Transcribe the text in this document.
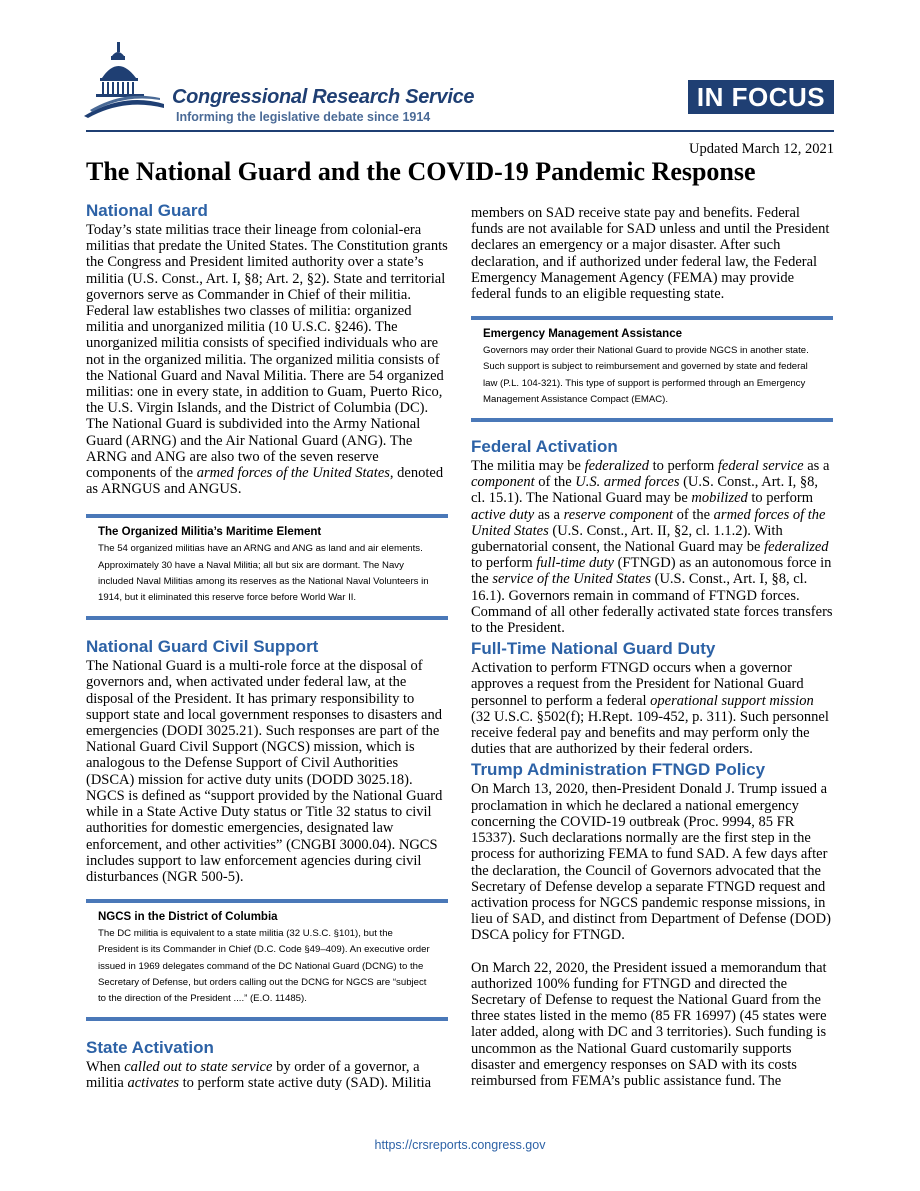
Congressional Research Service
Informing the legislative debate since 1914
IN FOCUS
Updated March 12, 2021
The National Guard and the COVID-19 Pandemic Response
National Guard

Today’s state militias trace their lineage from colonial-era militias that predate the United States. The Constitution grants the Congress and President limited authority over a state’s militia (U.S. Const., Art. I, §8; Art. 2, §2). State and territorial governors serve as Commander in Chief of their militia. Federal law establishes two classes of militia: organized militia and unorganized militia (10 U.S.C. §246). The unorganized militia consists of specified individuals who are not in the organized militia. The organized militia consists of the National Guard and Naval Militia. There are 54 organized militias: one in every state, in addition to Guam, Puerto Rico, the U.S. Virgin Islands, and the District of Columbia (DC). The National Guard is subdivided into the Army National Guard (ARNG) and the Air National Guard (ANG). The ARNG and ANG are also two of the seven reserve components of the armed forces of the United States, denoted as ARNGUS and ANGUS.

The Organized Militia’s Maritime Element

The 54 organized militias have an ARNG and ANG as land and air elements. Approximately 30 have a Naval Militia; all but six are dormant. The Navy included Naval Militias among its reserves as the National Naval Volunteers in 1914, but it eliminated this reserve force before World War II.

National Guard Civil Support

The National Guard is a multi-role force at the disposal of governors and, when activated under federal law, at the disposal of the President. It has primary responsibility to support state and local government responses to disasters and emergencies (DODI 3025.21). Such responses are part of the National Guard Civil Support (NGCS) mission, which is analogous to the Defense Support of Civil Authorities (DSCA) mission for active duty units (DODD 3025.18). NGCS is defined as “support provided by the National Guard while in a State Active Duty status or Title 32 status to civil authorities for domestic emergencies, designated law enforcement, and other activities” (CNGBI 3000.04). NGCS includes support to law enforcement agencies during civil disturbances (NGR 500-5).

NGCS in the District of Columbia

The DC militia is equivalent to a state militia (32 U.S.C. §101), but the President is its Commander in Chief (D.C. Code §49–409). An executive order issued in 1969 delegates command of the DC National Guard (DCNG) to the Secretary of Defense, but orders calling out the DCNG for NGCS are “subject to the direction of the President ....” (E.O. 11485).

State Activation

When called out to state service by order of a governor, a militia activates to perform state active duty (SAD). Militia

members on SAD receive state pay and benefits. Federal funds are not available for SAD unless and until the President declares an emergency or a major disaster. After such declaration, and if authorized under federal law, the Federal Emergency Management Agency (FEMA) may provide federal funds to an eligible requesting state.

Emergency Management Assistance

Governors may order their National Guard to provide NGCS in another state. Such support is subject to reimbursement and governed by state and federal law (P.L. 104-321). This type of support is performed through an Emergency Management Assistance Compact (EMAC).

Federal Activation

The militia may be federalized to perform federal service as a component of the U.S. armed forces (U.S. Const., Art. I, §8, cl. 15.1). The National Guard may be mobilized to perform active duty as a reserve component of the armed forces of the United States (U.S. Const., Art. II, §2, cl. 1.1.2). With gubernatorial consent, the National Guard may be federalized to perform full-time duty (FTNGD) as an autonomous force in the service of the United States (U.S. Const., Art. I, §8, cl. 16.1). Governors remain in command of FTNGD forces. Command of all other federally activated state forces transfers to the President.

Full-Time National Guard Duty

Activation to perform FTNGD occurs when a governor approves a request from the President for National Guard personnel to perform a federal operational support mission (32 U.S.C. §502(f); H.Rept. 109-452, p. 311). Such personnel receive federal pay and benefits and may perform only the duties that are authorized by their federal orders.

Trump Administration FTNGD Policy

On March 13, 2020, then-President Donald J. Trump issued a proclamation in which he declared a national emergency concerning the COVID-19 outbreak (Proc. 9994, 85 FR 15337). Such declarations normally are the first step in the process for authorizing FEMA to fund SAD. A few days after the declaration, the Council of Governors advocated that the Secretary of Defense develop a separate FTNGD request and activation process for NGCS pandemic response missions, in lieu of SAD, and distinct from Department of Defense (DOD) DSCA policy for FTNGD.

On March 22, 2020, the President issued a memorandum that authorized 100% funding for FTNGD and directed the Secretary of Defense to request the National Guard from the three states listed in the memo (85 FR 16997) (45 states were later added, along with DC and 3 territories). Such funding is uncommon as the National Guard customarily supports disaster and emergency responses on SAD with its costs reimbursed from FEMA’s public assistance fund. The

https://crsreports.congress.gov
